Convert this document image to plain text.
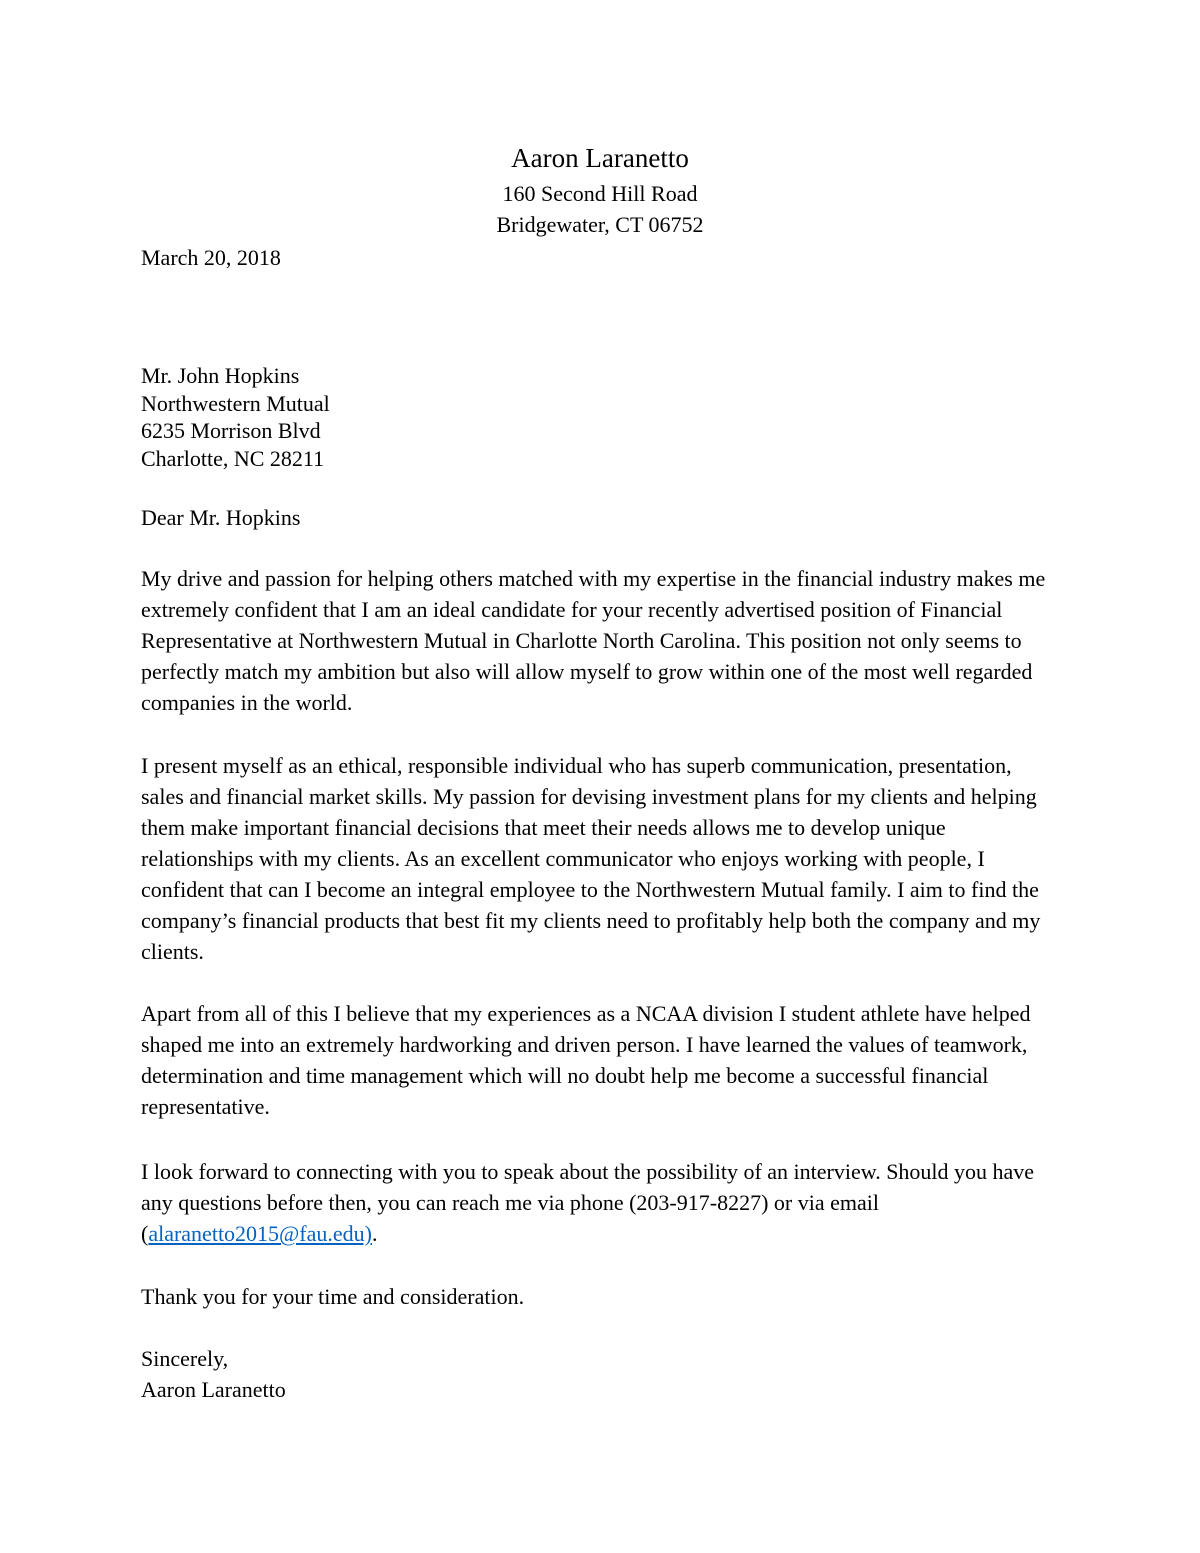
Aaron Laranetto
160 Second Hill Road
Bridgewater, CT 06752
March 20, 2018
Mr. John Hopkins
Northwestern Mutual
6235 Morrison Blvd
Charlotte, NC 28211
Dear Mr. Hopkins
My drive and passion for helping others matched with my expertise in the financial industry makes me extremely confident that I am an ideal candidate for your recently advertised position of Financial Representative at Northwestern Mutual in Charlotte North Carolina. This position not only seems to perfectly match my ambition but also will allow myself to grow within one of the most well regarded companies in the world.
I present myself as an ethical, responsible individual who has superb communication, presentation, sales and financial market skills. My passion for devising investment plans for my clients and helping them make important financial decisions that meet their needs allows me to develop unique relationships with my clients. As an excellent communicator who enjoys working with people, I confident that can I become an integral employee to the Northwestern Mutual family. I aim to find the company’s financial products that best fit my clients need to profitably help both the company and my clients.
Apart from all of this I believe that my experiences as a NCAA division I student athlete have helped shaped me into an extremely hardworking and driven person. I have learned the values of teamwork, determination and time management which will no doubt help me become a successful financial representative.
I look forward to connecting with you to speak about the possibility of an interview. Should you have any questions before then, you can reach me via phone (203-917-8227) or via email (alaranetto2015@fau.edu).
Thank you for your time and consideration.
Sincerely,
Aaron Laranetto
